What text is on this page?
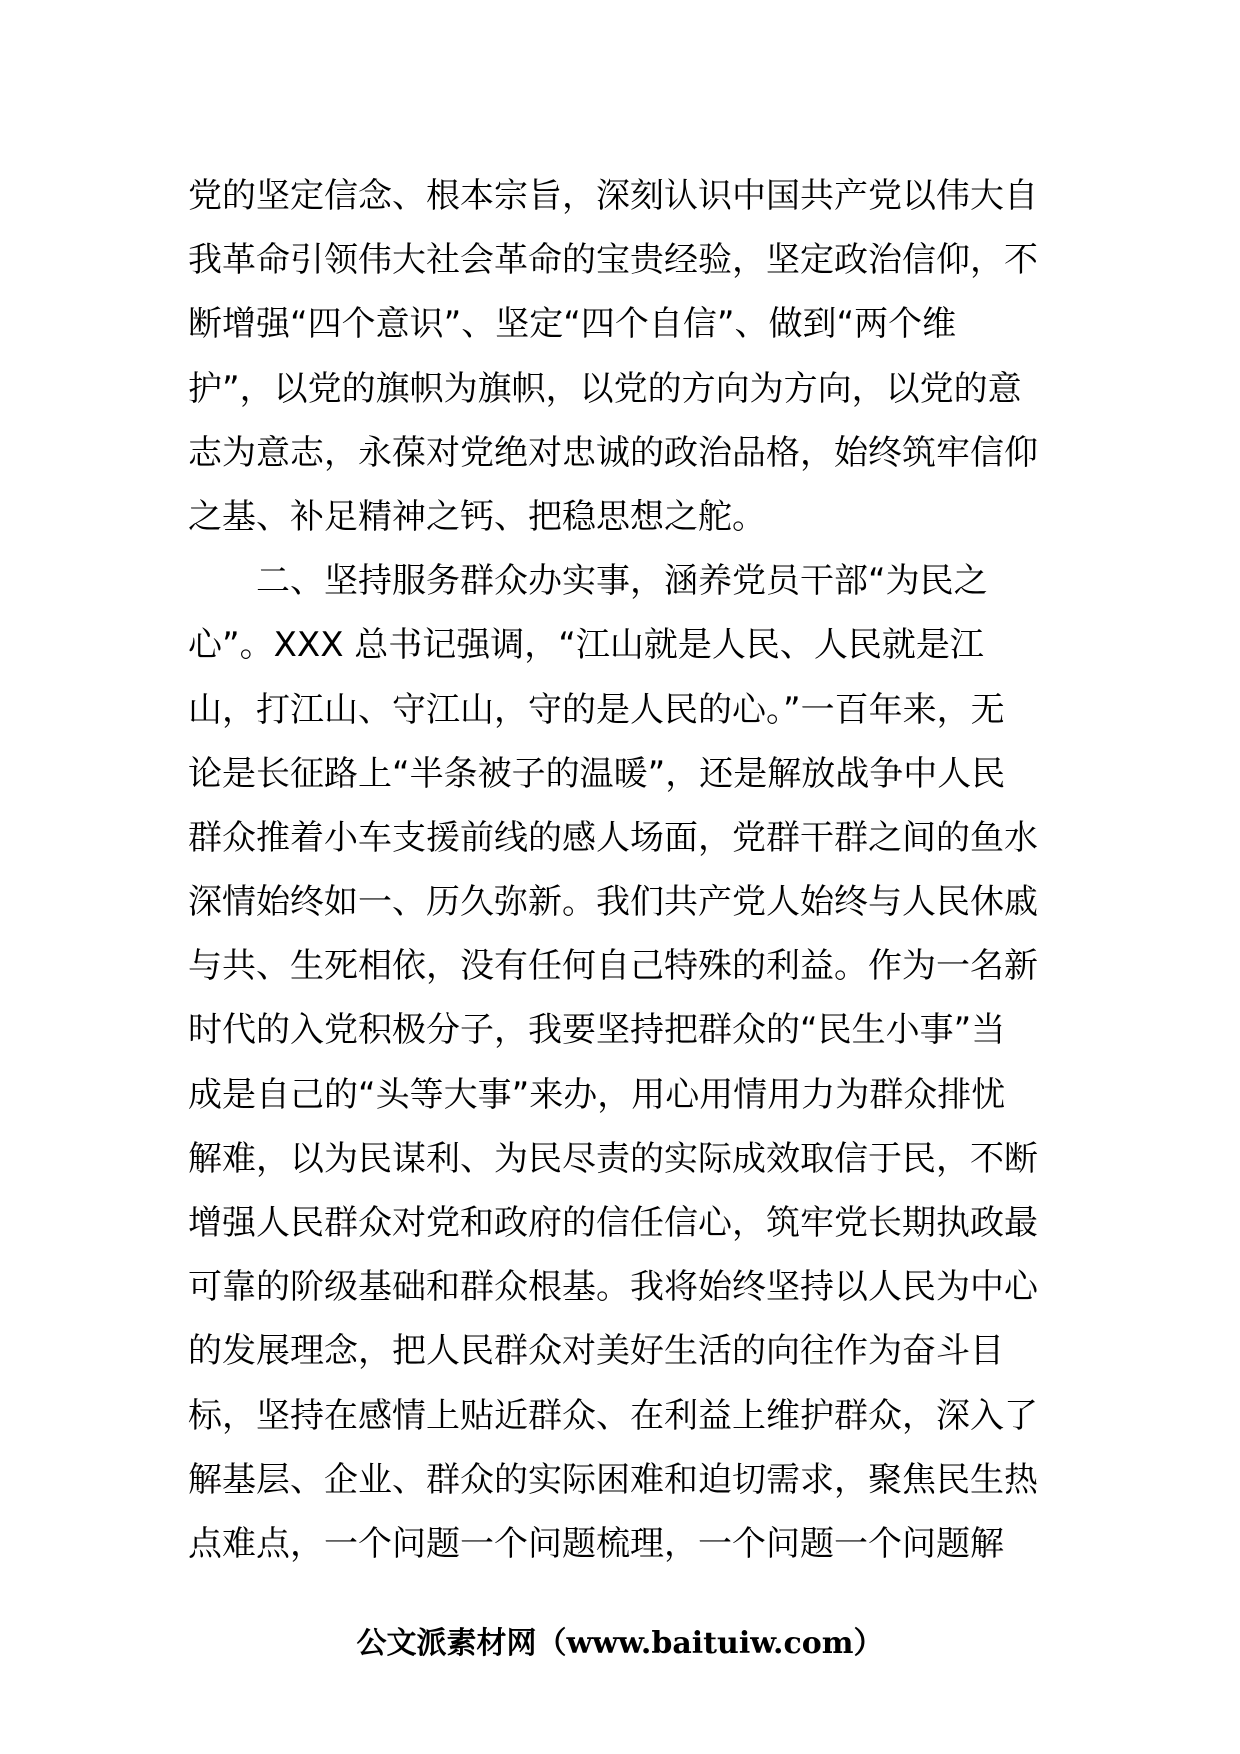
党的坚定信念、根本宗旨，深刻认识中国共产党以伟大自
我革命引领伟大社会革命的宝贵经验，坚定政治信仰，不
断增强“四个意识”、坚定“四个自信”、做到“两个维
护”，以党的旗帜为旗帜，以党的方向为方向，以党的意
志为意志，永葆对党绝对忠诚的政治品格，始终筑牢信仰
之基、补足精神之钙、把稳思想之舵。
　　二、坚持服务群众办实事，涵养党员干部“为民之
心”。XXX 总书记强调，“江山就是人民、人民就是江
山，打江山、守江山，守的是人民的心。”一百年来，无
论是长征路上“半条被子的温暖”，还是解放战争中人民
群众推着小车支援前线的感人场面，党群干群之间的鱼水
深情始终如一、历久弥新。我们共产党人始终与人民休戚
与共、生死相依，没有任何自己特殊的利益。作为一名新
时代的入党积极分子，我要坚持把群众的“民生小事”当
成是自己的“头等大事”来办，用心用情用力为群众排忧
解难，以为民谋利、为民尽责的实际成效取信于民，不断
增强人民群众对党和政府的信任信心，筑牢党长期执政最
可靠的阶级基础和群众根基。我将始终坚持以人民为中心
的发展理念，把人民群众对美好生活的向往作为奋斗目
标，坚持在感情上贴近群众、在利益上维护群众，深入了
解基层、企业、群众的实际困难和迫切需求，聚焦民生热
点难点，一个问题一个问题梳理，一个问题一个问题解
公文派素材网（www.baituiw.com）
